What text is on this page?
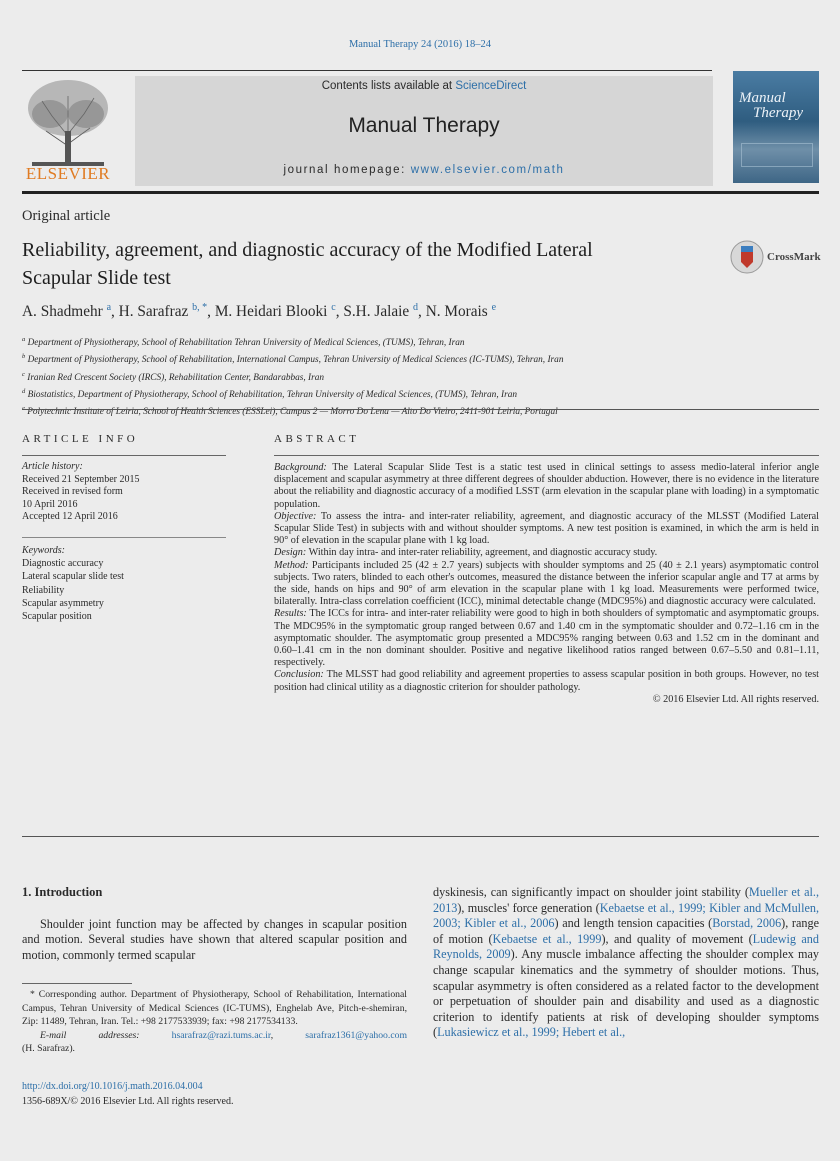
Manual Therapy 24 (2016) 18–24
ELSEVIER
Contents lists available at ScienceDirect
Manual Therapy
journal homepage: www.elsevier.com/math
Manual
Therapy
Original article
Reliability, agreement, and diagnostic accuracy of the Modified Lateral
Scapular Slide test
CrossMark
A. Shadmehr $^a$, H. Sarafraz $^{b, *}$, M. Heidari Blooki $^c$, S.H. Jalaie $^d$, N. Morais $^e$
$^a$ Department of Physiotherapy, School of Rehabilitation Tehran University of Medical Sciences, (TUMS), Tehran, Iran
$^b$ Department of Physiotherapy, School of Rehabilitation, International Campus, Tehran University of Medical Sciences (IC-TUMS), Tehran, Iran
$^c$ Iranian Red Crescent Society (IRCS), Rehabilitation Center, Bandarabbas, Iran
$^d$ Biostatistics, Department of Physiotherapy, School of Rehabilitation, Tehran University of Medical Sciences, (TUMS), Tehran, Iran
$^e$ Polytechnic Institute of Leiria, School of Health Sciences (ESSLei), Campus 2 — Morro Do Lena — Alto Do Vieiro, 2411-901 Leiria, Portugal
ARTICLE INFO
Article history:
Received 21 September 2015
Received in revised form
10 April 2016
Accepted 12 April 2016
Keywords:
Diagnostic accuracy
Lateral scapular slide test
Reliability
Scapular asymmetry
Scapular position
ABSTRACT

Background: The Lateral Scapular Slide Test is a static test used in clinical settings to assess medio-lateral inferior angle displacement and scapular asymmetry at three different degrees of shoulder abduction. However, there is no evidence in the literature about the reliability and diagnostic accuracy of a modified LSST (arm elevation in the scapular plane with loading) in a symptomatic population.

Objective: To assess the intra- and inter-rater reliability, agreement, and diagnostic accuracy of the MLSST (Modified Lateral Scapular Slide Test) in subjects with and without shoulder symptoms. A new test position is examined, in which the arm is held in 90° of elevation in the scapular plane with 1 kg load.

Design: Within day intra- and inter-rater reliability, agreement, and diagnostic accuracy study.

Method: Participants included 25 (42 ± 2.7 years) subjects with shoulder symptoms and 25 (40 ± 2.1 years) asymptomatic control subjects. Two raters, blinded to each other's outcomes, measured the distance between the inferior scapular angle and T7 at arms by the side, hands on hips and 90° of arm elevation in the scapular plane with 1 kg load. Measurements were performed twice, bilaterally. Intra-class correlation coefficient (ICC), minimal detectable change (MDC95%) and diagnostic accuracy were calculated.

Results: The ICCs for intra- and inter-rater reliability were good to high in both shoulders of symptomatic and asymptomatic groups. The MDC95% in the symptomatic group ranged between 0.67 and 1.40 cm in the symptomatic shoulder and 0.72–1.16 cm in the asymptomatic shoulder. The asymptomatic group presented a MDC95% ranging between 0.63 and 1.52 cm in the dominant and 0.60–1.41 cm in the non dominant shoulder. Positive and negative likelihood ratios ranged between 0.67–5.50 and 0.81–1.11, respectively.

Conclusion: The MLSST had good reliability and agreement properties to assess scapular position in both groups. However, no test position had clinical utility as a diagnostic criterion for shoulder pathology.

© 2016 Elsevier Ltd. All rights reserved.

1. Introduction

Shoulder joint function may be affected by changes in scapular position and motion. Several studies have shown that altered scapular position and motion, commonly termed scapular

dyskinesis, can significantly impact on shoulder joint stability (Mueller et al., 2013), muscles' force generation (Kebaetse et al., 1999; Kibler and McMullen, 2003; Kibler et al., 2006) and length tension capacities (Borstad, 2006), range of motion (Kebaetse et al., 1999), and quality of movement (Ludewig and Reynolds, 2009). Any muscle imbalance affecting the shoulder complex may change scapular kinematics and the symmetry of shoulder motions. Thus, scapular asymmetry is often considered as a related factor to the development or perpetuation of shoulder pain and disability and used as a diagnostic criterion to identify patients at risk of developing shoulder symptoms (Lukasiewicz et al., 1999; Hebert et al.,

* Corresponding author. Department of Physiotherapy, School of Rehabilitation, International Campus, Tehran University of Medical Sciences (IC-TUMS), Enghelab Ave, Pitch-e-shemiran, Zip: 11489, Tehran, Iran. Tel.: +98 2177533939; fax: +98 2177534133.

E-mail addresses:	hsarafraz@razi.tums.ac.ir, sarafraz1361@yahoo.com

(H. Sarafraz).

http://dx.doi.org/10.1016/j.math.2016.04.004
1356-689X/© 2016 Elsevier Ltd. All rights reserved.
